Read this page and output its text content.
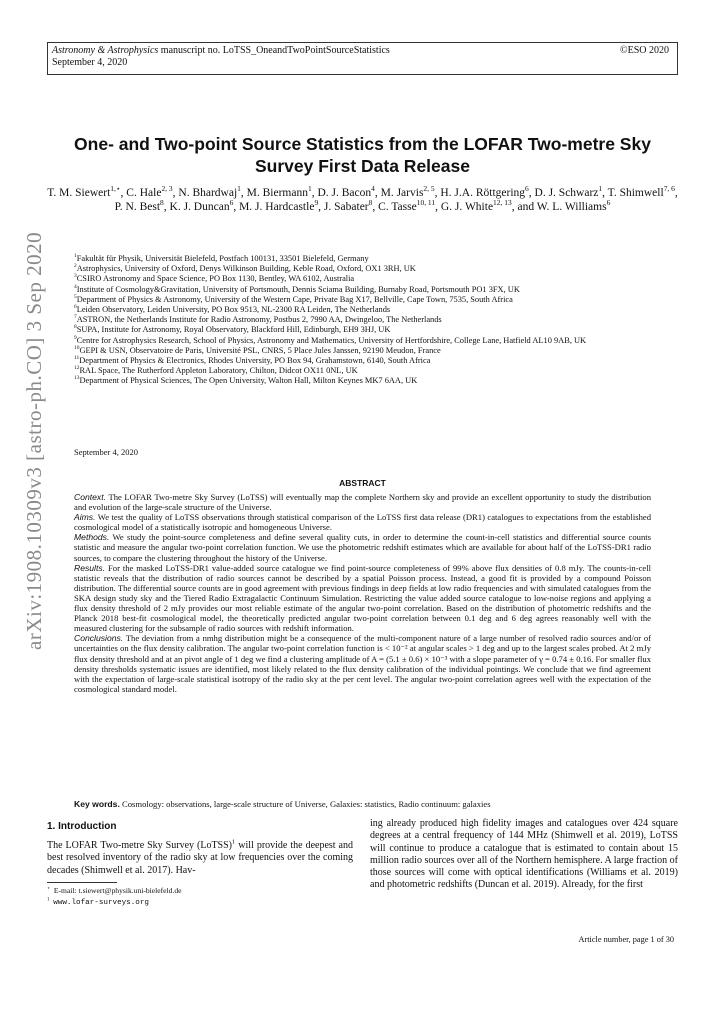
Astronomy & Astrophysics manuscript no. LoTSS_OneandTwoPointSourceStatistics
September 4, 2020
©ESO 2020
arXiv:1908.10309v3 [astro-ph.CO] 3 Sep 2020
One- and Two-point Source Statistics from the LOFAR Two-metre Sky Survey First Data Release
T. M. Siewert$^{1,⋆}$, C. Hale$^{2, 3}$, N. Bhardwaj$^1$, M. Biermann$^1$, D. J. Bacon$^4$, M. Jarvis$^{2, 5}$, H. J.A. Röttgering$^6$, D. J. Schwarz$^1$, T. Shimwell$^{7, 6}$, P. N. Best$^8$, K. J. Duncan$^6$, M. J. Hardcastle$^9$, J. Sabater$^8$, C. Tasse$^{10, 11}$, G. J. White$^{12, 13}$, and W. L. Williams$^6$
$^1$Fakultät für Physik, Universität Bielefeld, Postfach 100131, 33501 Bielefeld, Germany
$^2$Astrophysics, University of Oxford, Denys Wilkinson Building, Keble Road, Oxford, OX1 3RH, UK
$^3$CSIRO Astronomy and Space Science, PO Box 1130, Bentley, WA 6102, Australia
$^4$Institute of Cosmology&Gravitation, University of Portsmouth, Dennis Sciama Building, Burnaby Road, Portsmouth PO1 3FX, UK
$^5$Department of Physics & Astronomy, University of the Western Cape, Private Bag X17, Bellville, Cape Town, 7535, South Africa
$^6$Leiden Observatory, Leiden University, PO Box 9513, NL-2300 RA Leiden, The Netherlands
$^7$ASTRON, the Netherlands Institute for Radio Astronomy, Postbus 2, 7990 AA, Dwingeloo, The Netherlands
$^8$SUPA, Institute for Astronomy, Royal Observatory, Blackford Hill, Edinburgh, EH9 3HJ, UK
$^9$Centre for Astrophysics Research, School of Physics, Astronomy and Mathematics, University of Hertfordshire, College Lane, Hatfield AL10 9AB, UK
$^{10}$GEPI & USN, Observatoire de Paris, Université PSL, CNRS, 5 Place Jules Janssen, 92190 Meudon, France
$^{11}$Department of Physics & Electronics, Rhodes University, PO Box 94, Grahamstown, 6140, South Africa
$^{12}$RAL Space, The Rutherford Appleton Laboratory, Chilton, Didcot OX11 0NL, UK
$^{13}$Department of Physical Sciences, The Open University, Walton Hall, Milton Keynes MK7 6AA, UK
September 4, 2020
ABSTRACT

Context. The LOFAR Two-metre Sky Survey (LoTSS) will eventually map the complete Northern sky and provide an excellent opportunity to study the distribution and evolution of the large-scale structure of the Universe.

Aims. We test the quality of LoTSS observations through statistical comparison of the LoTSS first data release (DR1) catalogues to expectations from the established cosmological model of a statistically isotropic and homogeneous Universe.

Methods. We study the point-source completeness and define several quality cuts, in order to determine the count-in-cell statistics and differential source counts statistic and measure the angular two-point correlation function. We use the photometric redshift estimates which are available for about half of the LoTSS-DR1 radio sources, to compare the clustering throughout the history of the Universe.

Results. For the masked LoTSS-DR1 value-added source catalogue we find point-source completeness of 99% above flux densities of 0.8 mJy. The counts-in-cell statistic reveals that the distribution of radio sources cannot be described by a spatial Poisson process. Instead, a good fit is provided by a compound Poisson distribution. The differential source counts are in good agreement with previous findings in deep fields at low radio frequencies and with simulated catalogues from the SKA design study sky and the Tiered Radio Extragalactic Continuum Simulation. Restricting the value added source catalogue to low-noise regions and applying a flux density threshold of 2 mJy provides our most reliable estimate of the angular two-point correlation. Based on the distribution of photometric redshifts and the Planck 2018 best-fit cosmological model, the theoretically predicted angular two-point correlation between 0.1 deg and 6 deg agrees reasonably well with the measured clustering for the subsample of radio sources with redshift information.

Conclusions. The deviation from a nmhg distribution might be a consequence of the multi-component nature of a large number of resolved radio sources and/or of uncertainties on the flux density calibration. The angular two-point correlation function is < 10⁻² at angular scales > 1 deg and up to the largest scales probed. At 2 mJy flux density threshold and at an pivot angle of 1 deg we find a clustering amplitude of A = (5.1 ± 0.6) × 10⁻³ with a slope parameter of γ = 0.74 ± 0.16. For smaller flux density thresholds systematic issues are identified, most likely related to the flux density calibration of the individual pointings. We conclude that we find agreement with the expectation of large-scale statistical isotropy of the radio sky at the per cent level. The angular two-point correlation agrees well with the expectation of the cosmological standard model.

Key words. Cosmology: observations, large-scale structure of Universe, Galaxies: statistics, Radio continuum: galaxies
1. Introduction
The LOFAR Two-metre Sky Survey (LoTSS)$^1$ will provide the deepest and best resolved inventory of the radio sky at low frequencies over the coming decades (Shimwell et al. 2017). Hav-
ing already produced high fidelity images and catalogues over 424 square degrees at a central frequency of 144 MHz (Shimwell et al. 2019), LoTSS will continue to produce a catalogue that is estimated to contain about 15 million radio sources over all of the Northern hemisphere. A large fraction of those sources will come with optical identifications (Williams et al. 2019) and photometric redshifts (Duncan et al. 2019). Already, for the first
⋆ E-mail: t.siewert@physik.uni-bielefeld.de
$^1$ www.lofar-surveys.org
Article number, page 1 of 30
